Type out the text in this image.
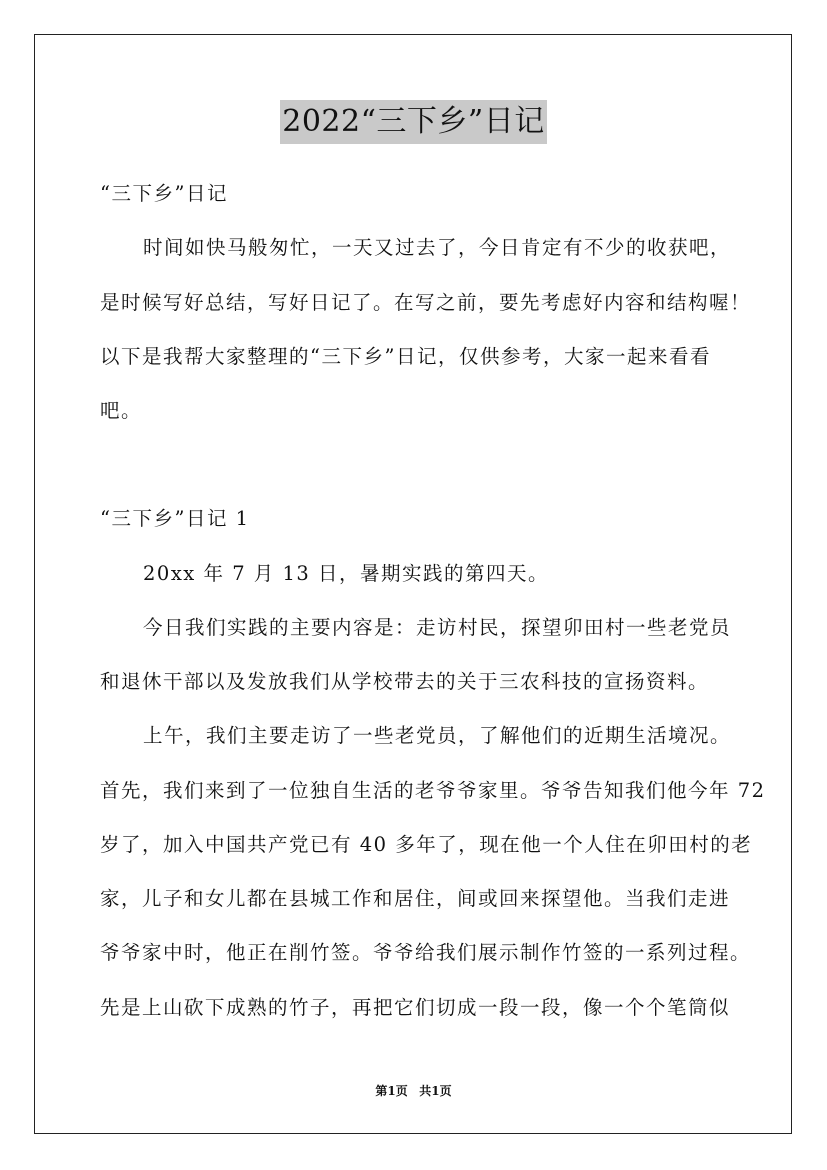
2022“三下乡”日记
“三下乡”日记
时间如快马般匆忙，一天又过去了，今日肯定有不少的收获吧，
是时候写好总结，写好日记了。在写之前，要先考虑好内容和结构喔！
以下是我帮大家整理的“三下乡”日记，仅供参考，大家一起来看看
吧。
“三下乡”日记 1
20xx 年 7 月 13 日，暑期实践的第四天。
今日我们实践的主要内容是：走访村民，探望卯田村一些老党员
和退休干部以及发放我们从学校带去的关于三农科技的宣扬资料。
上午，我们主要走访了一些老党员，了解他们的近期生活境况。
首先，我们来到了一位独自生活的老爷爷家里。爷爷告知我们他今年 72
岁了，加入中国共产党已有 40 多年了，现在他一个人住在卯田村的老
家，儿子和女儿都在县城工作和居住，间或回来探望他。当我们走进
爷爷家中时，他正在削竹签。爷爷给我们展示制作竹签的一系列过程。
先是上山砍下成熟的竹子，再把它们切成一段一段，像一个个笔筒似
第1页 共1页
